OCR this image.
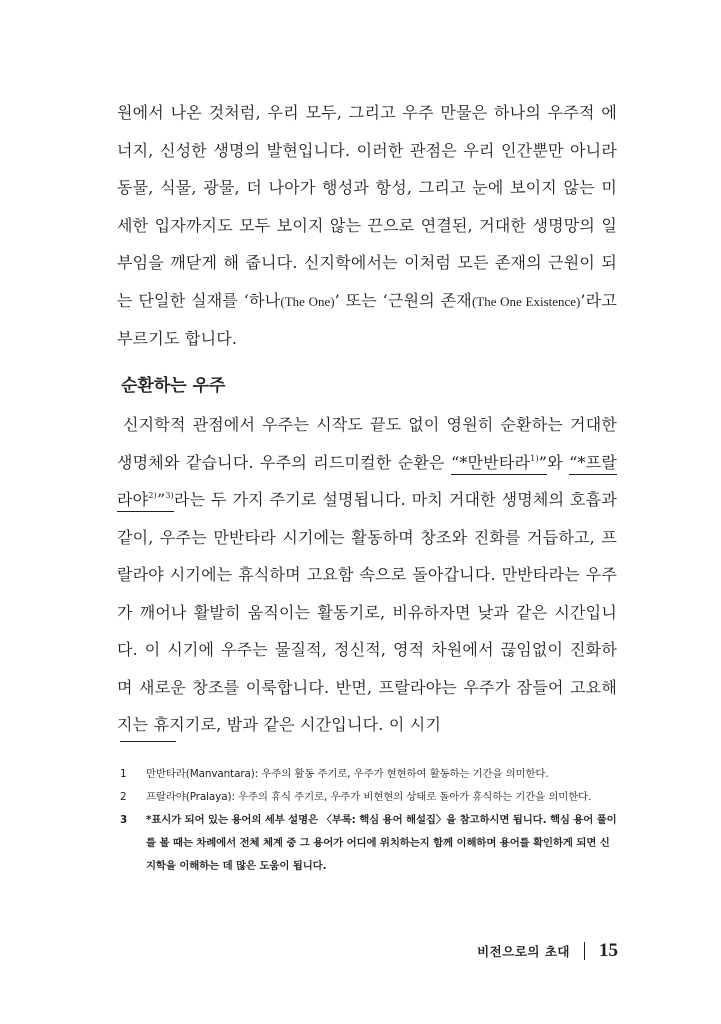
원에서 나온 것처럼, 우리 모두, 그리고 우주 만물은 하나의 우주적 에너지, 신성한 생명의 발현입니다. 이러한 관점은 우리 인간뿐만 아니라 동물, 식물, 광물, 더 나아가 행성과 항성, 그리고 눈에 보이지 않는 미세한 입자까지도 모두 보이지 않는 끈으로 연결된, 거대한 생명망의 일부임을 깨닫게 해 줍니다. 신지학에서는 이처럼 모든 존재의 근원이 되는 단일한 실재를 ‘하나(The One)’ 또는 ‘근원의 존재(The One Existence)’라고 부르기도 합니다.

순환하는 우주

신지학적 관점에서 우주는 시작도 끝도 없이 영원히 순환하는 거대한 생명체와 같습니다. 우주의 리드미컬한 순환은 “*만반타라$^{1)}$”와 “*프랄라야$^{2)}$”$^{3)}$라는 두 가지 주기로 설명됩니다. 마치 거대한 생명체의 호흡과 같이, 우주는 만반타라 시기에는 활동하며 창조와 진화를 거듭하고, 프랄라야 시기에는 휴식하며 고요함 속으로 돌아갑니다. 만반타라는 우주가 깨어나 활발히 움직이는 활동기로, 비유하자면 낮과 같은 시간입니다. 이 시기에 우주는 물질적, 정신적, 영적 차원에서 끊임없이 진화하며 새로운 창조를 이룩합니다. 반면, 프랄라야는 우주가 잠들어 고요해지는 휴지기로, 밤과 같은 시간입니다. 이 시기

1	만반타라(Manvantara): 우주의 활동 주기로, 우주가 현현하여 활동하는 기간을 의미한다.
2	프랄라야(Pralaya): 우주의 휴식 주기로, 우주가 비현현의 상태로 돌아가 휴식하는 기간을 의미한다.
3	*표시가 되어 있는 용어의 세부 설명은 〈부록: 핵심 용어 해설집〉을 참고하시면 됩니다. 핵심 용어 풀이를 볼 때는 차례에서 전체 체계 중 그 용어가 어디에 위치하는지 함께 이해하며 용어를 확인하게 되면 신지학을 이해하는 데 많은 도움이 됩니다.
비전으로의 초대 15
